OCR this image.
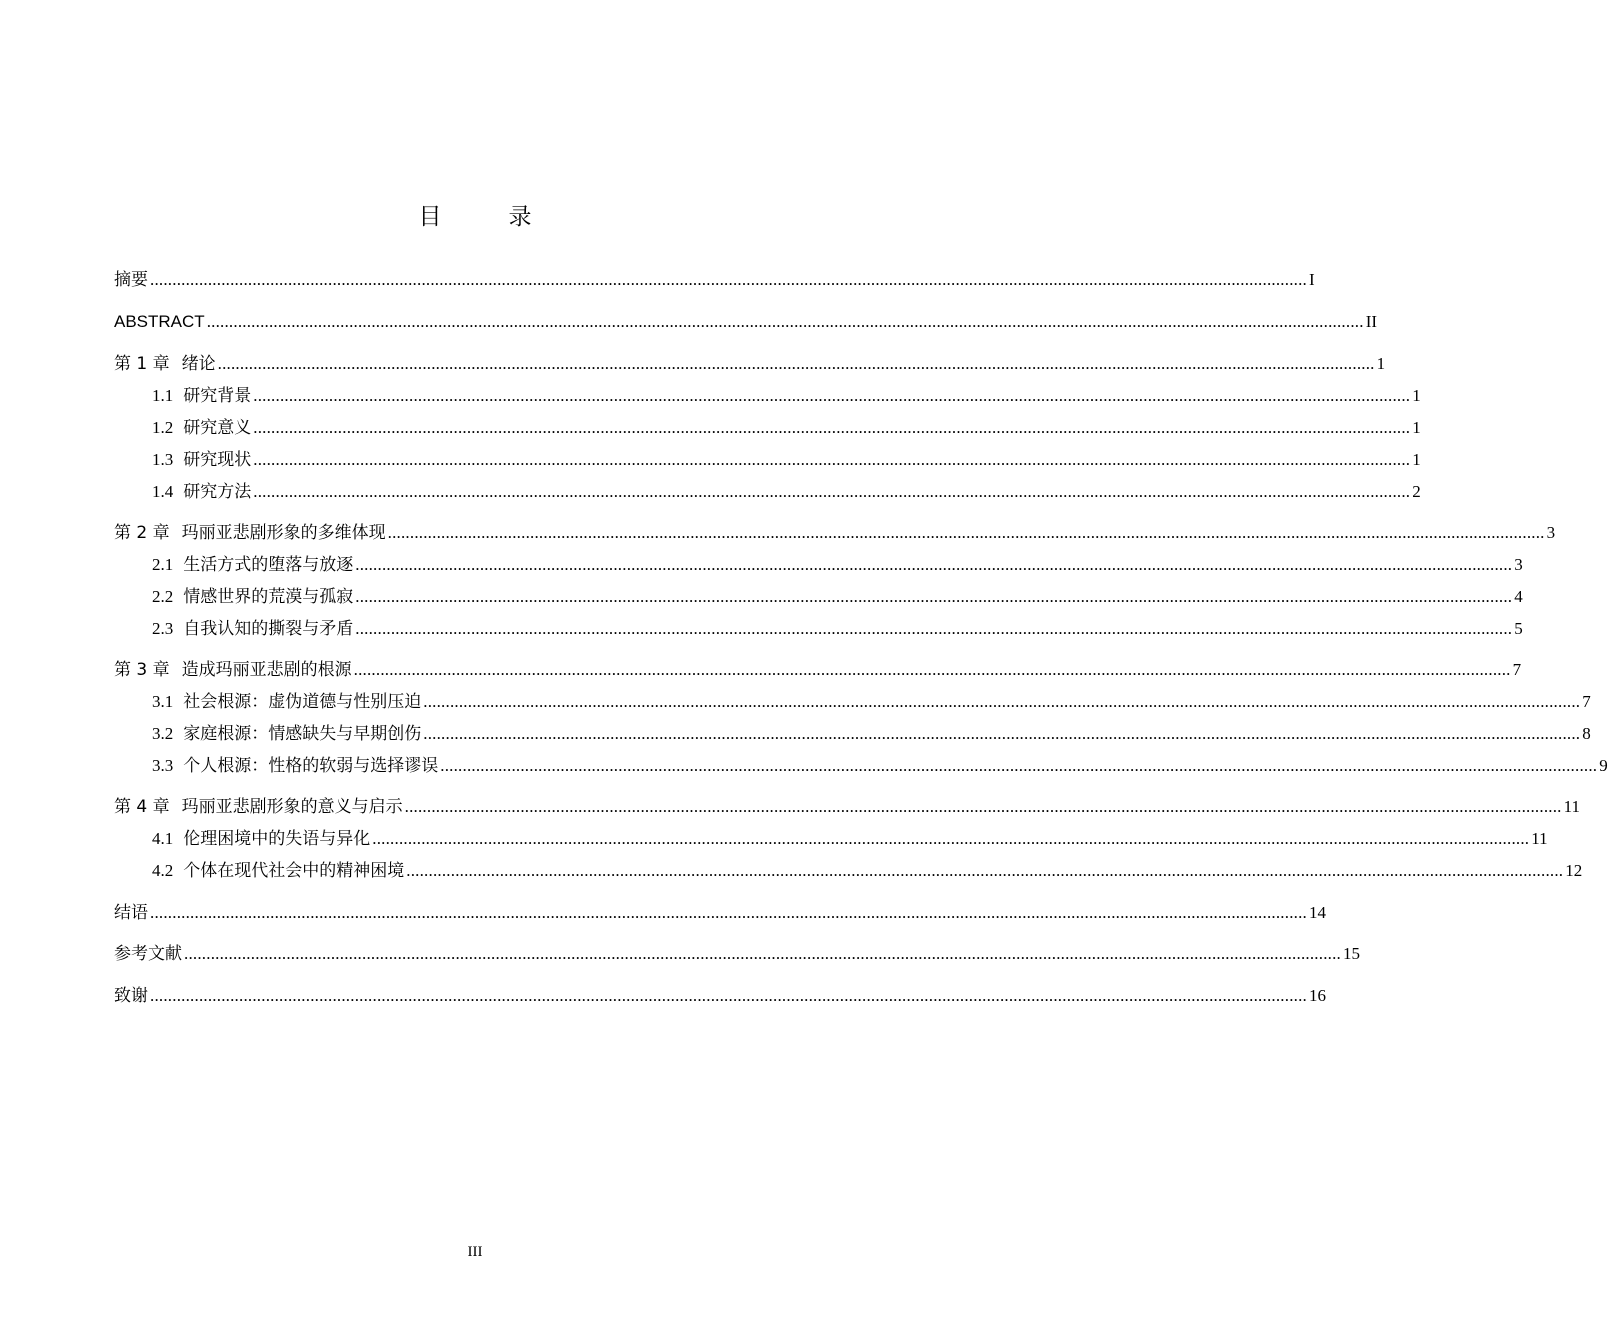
目　录
摘要 .................................................................................................................................................................................................................................................................... I
ABSTRACT .................................................................................................................................................................................................................................................................... II
第 1 章 绪论 .................................................................................................................................................................................................................................................................... 1
1.1 研究背景 .................................................................................................................................................................................................................................................................... 1
1.2 研究意义 .................................................................................................................................................................................................................................................................... 1
1.3 研究现状 .................................................................................................................................................................................................................................................................... 1
1.4 研究方法 .................................................................................................................................................................................................................................................................... 2
第 2 章 玛丽亚悲剧形象的多维体现 .................................................................................................................................................................................................................................................................... 3
2.1 生活方式的堕落与放逐 .................................................................................................................................................................................................................................................................... 3
2.2 情感世界的荒漠与孤寂 .................................................................................................................................................................................................................................................................... 4
2.3 自我认知的撕裂与矛盾 .................................................................................................................................................................................................................................................................... 5
第 3 章 造成玛丽亚悲剧的根源 .................................................................................................................................................................................................................................................................... 7
3.1 社会根源：虚伪道德与性别压迫 .................................................................................................................................................................................................................................................................... 7
3.2 家庭根源：情感缺失与早期创伤 .................................................................................................................................................................................................................................................................... 8
3.3 个人根源：性格的软弱与选择谬误 .................................................................................................................................................................................................................................................................... 9
第 4 章 玛丽亚悲剧形象的意义与启示 .................................................................................................................................................................................................................................................................... 11
4.1 伦理困境中的失语与异化 .................................................................................................................................................................................................................................................................... 11
4.2 个体在现代社会中的精神困境 .................................................................................................................................................................................................................................................................... 12
结语 .................................................................................................................................................................................................................................................................... 14
参考文献 .................................................................................................................................................................................................................................................................... 15
致谢 .................................................................................................................................................................................................................................................................... 16
III
